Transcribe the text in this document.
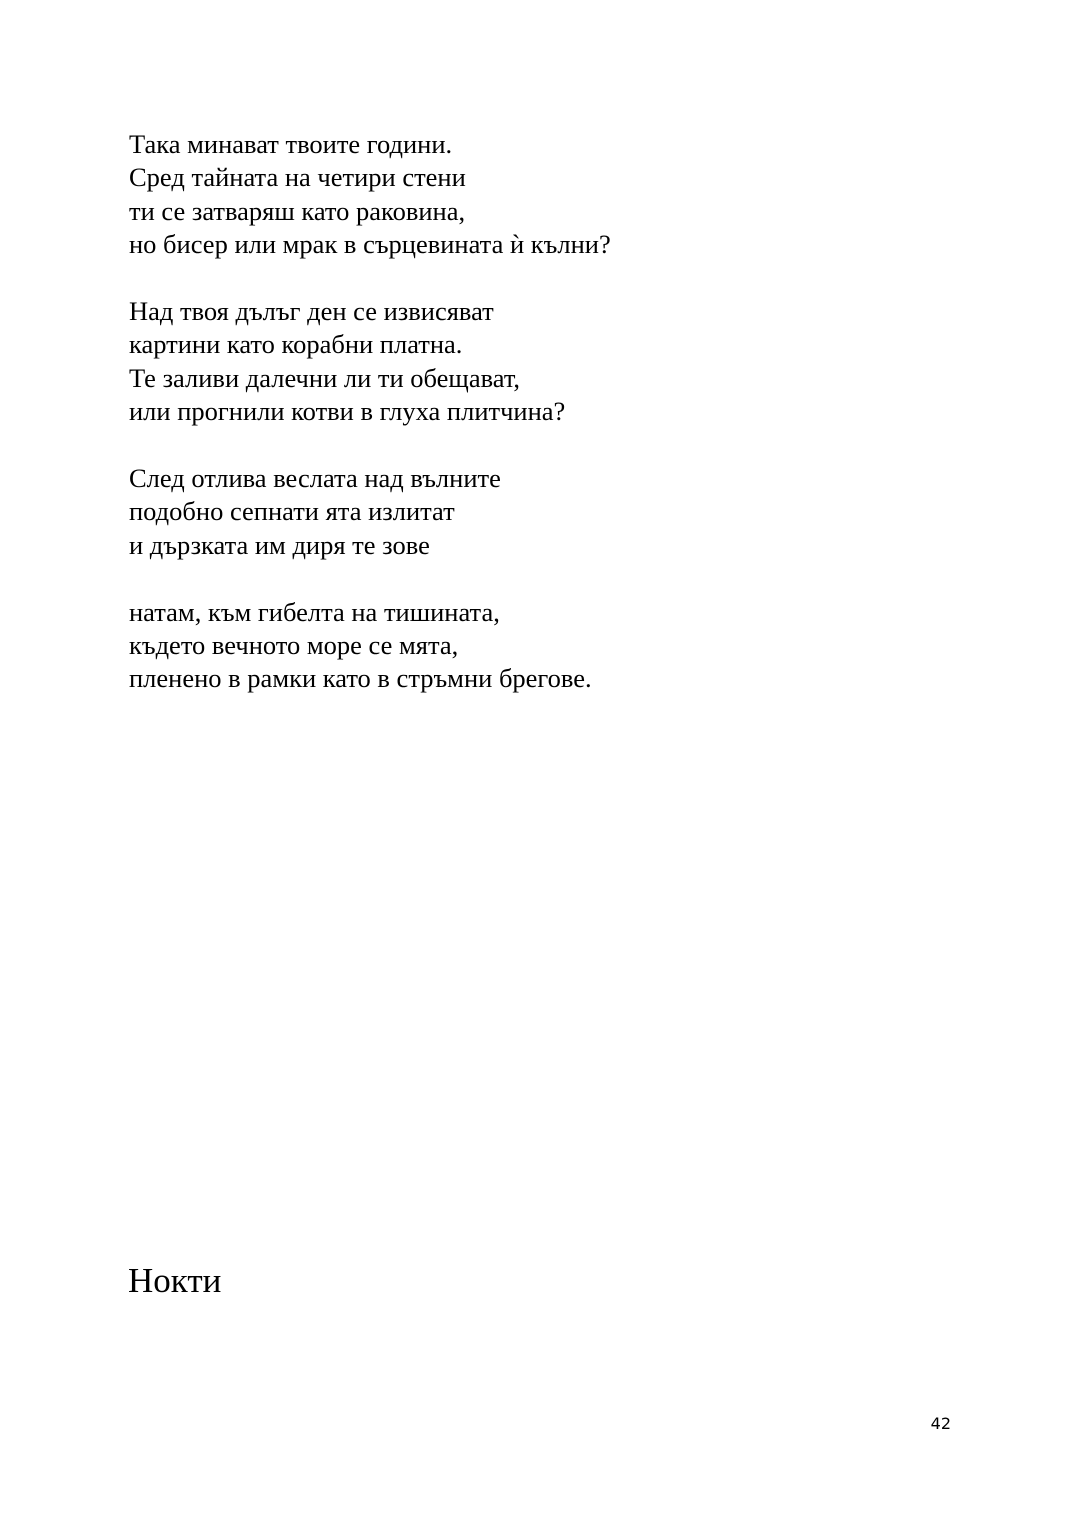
Така минават твоите години.
Сред тайната на четири стени
ти се затваряш като раковина,
но бисер или мрак в сърцевината ѝ кълни?
Над твоя дълъг ден се извисяват
картини като корабни платна.
Те заливи далечни ли ти обещават,
или прогнили котви в глуха плитчина?
След отлива веслата над вълните
подобно сепнати ята излитат
и дързката им диря те зове
натам, към гибелта на тишината,
където вечното море се мята,
пленено в рамки като в стръмни брегове.
Нокти
42
